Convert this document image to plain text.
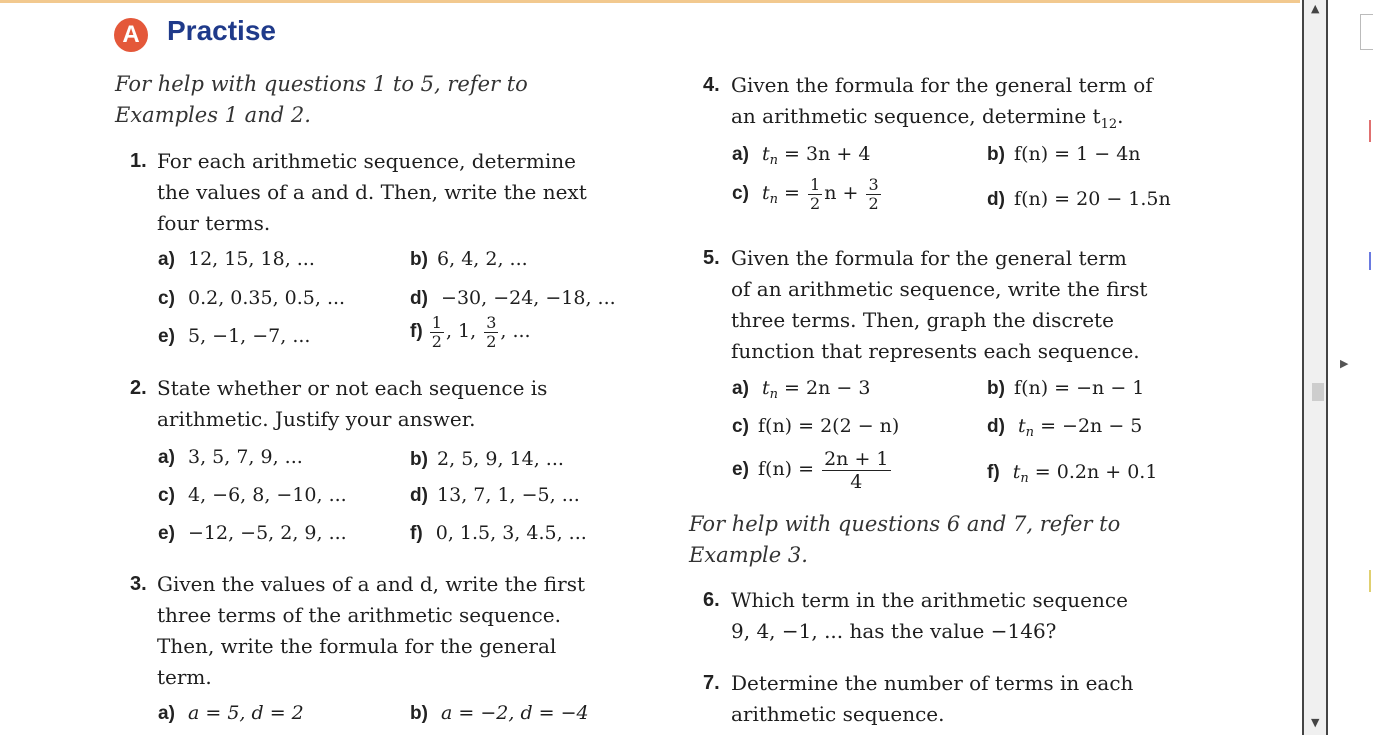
A Practise
For help with questions 1 to 5, refer to
Examples 1 and 2.
1. For each arithmetic sequence, determine
the values of a and d. Then, write the next
four terms.
a) 12, 15, 18, ...	b) 6, 4, 2, ...
c) 0.2, 0.35, 0.5, ...	d) −30, −24, −18, ...
e) 5, −1, −7, ...	$f) \frac{1}{2}$ , 1, $\frac{3}{2}$ , ...
2. State whether or not each sequence is
arithmetic. Justify your answer.
a) 3, 5, 7, 9, ...	b) 2, 5, 9, 14, ...
c) 4, −6, 8, −10, ...	d) 13, 7, 1, −5, ...
e) −12, −5, 2, 9, ...	f) 0, 1.5, 3, 4.5, ...
3. Given the values of a and d, write the first
three terms of the arithmetic sequence.
Then, write the formula for the general
term.
a) a = 5, d = 2	b) a = −2, d = −4
4. Given the formula for the general term of
an arithmetic sequence, determine $t_{12}$.
a) $t_n = 3n + 4$	b) f(n) = 1 − 4n
c) $t_n = \frac{1}{2}$ $n + \frac{3}{2}$	d) f(n) = 20 − 1.5n
5. Given the formula for the general term
of an arithmetic sequence, write the first
three terms. Then, graph the discrete
function that represents each sequence.
a) $t_n = 2n - 3$	b) f(n) = −n − 1
c) f(n) = 2(2 − n)	d) $t_n = -2n - 5$
e) $f(n) = \frac{2n + 1}{4}$	f) $t_n = 0.2n + 0.1$
For help with questions 6 and 7, refer to
Example 3.
6. Which term in the arithmetic sequence
9, 4, −1, ... has the value −146?
7. Determine the number of terms in each
arithmetic sequence.
▲
▼
▶
